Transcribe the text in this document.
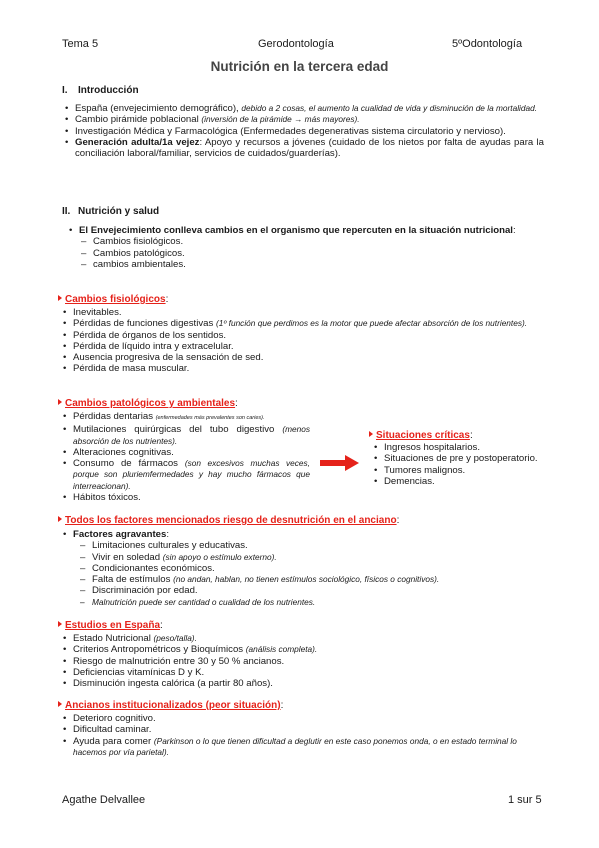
Tema 5	Gerodontología	5ºOdontología
Nutrición en la tercera edad
I. Introducción
• España (envejecimiento demográfico), debido a 2 cosas, el aumento la cualidad de vida y disminución de la mortalidad.
• Cambio pirámide poblacional (inversión de la pirámide → más mayores).
• Investigación Médica y Farmacológica (Enfermedades degenerativas sistema circulatorio y nervioso).
• Generación adulta/1a vejez: Apoyo y recursos a jóvenes (cuidado de los nietos por falta de ayudas para la conciliación laboral/familiar, servicios de cuidados/guarderías).
II. Nutrición y salud
• El Envejecimiento conlleva cambios en el organismo que repercuten en la situación nutricional:
– Cambios fisiológicos.
– Cambios patológicos.
– cambios ambientales.
Cambios fisiológicos:
• Inevitables.
• Pérdidas de funciones digestivas (1º función que perdimos es la motor que puede afectar absorción de los nutrientes).
• Pérdida de órganos de los sentidos.
• Pérdida de líquido intra y extracelular.
• Ausencia progresiva de la sensación de sed.
• Pérdida de masa muscular.
Cambios patológicos y ambientales:
• Pérdidas dentarias (enfermedades más prevalentes son caries).
• Mutilaciones quirúrgicas del tubo digestivo (menos absorción de los nutrientes).
• Alteraciones cognitivas.
• Consumo de fármacos (son excesivos muchas veces, porque son pluriemfermedades y hay mucho fármacos que interreacionan).
• Hábitos tóxicos.
Situaciones críticas:
• Ingresos hospitalarios.
• Situaciones de pre y postoperatorio.
• Tumores malignos.
• Demencias.
Todos los factores mencionados riesgo de desnutrición en el anciano:
• Factores agravantes:
– Limitaciones culturales y educativas.
– Vivir en soledad (sin apoyo o estímulo externo).
– Condicionantes económicos.
– Falta de estímulos (no andan, hablan, no tienen estímulos sociológico, físicos o cognitivos).
– Discriminación por edad.
– Malnutrición puede ser cantidad o cualidad de los nutrientes.
Estudios en España:
• Estado Nutricional (peso/talla).
• Criterios Antropométricos y Bioquímicos (análisis completa).
• Riesgo de malnutrición entre 30 y 50 % ancianos.
• Deficiencias vitamínicas D y K.
• Disminución ingesta calórica (a partir 80 años).
Ancianos institucionalizados (peor situación):
• Deterioro cognitivo.
• Dificultad caminar.
• Ayuda para comer (Parkinson o lo que tienen dificultad a deglutir en este caso ponemos onda, o en estado terminal lo hacemos por vía parietal).
Agathe Delvallee	1 sur 5
